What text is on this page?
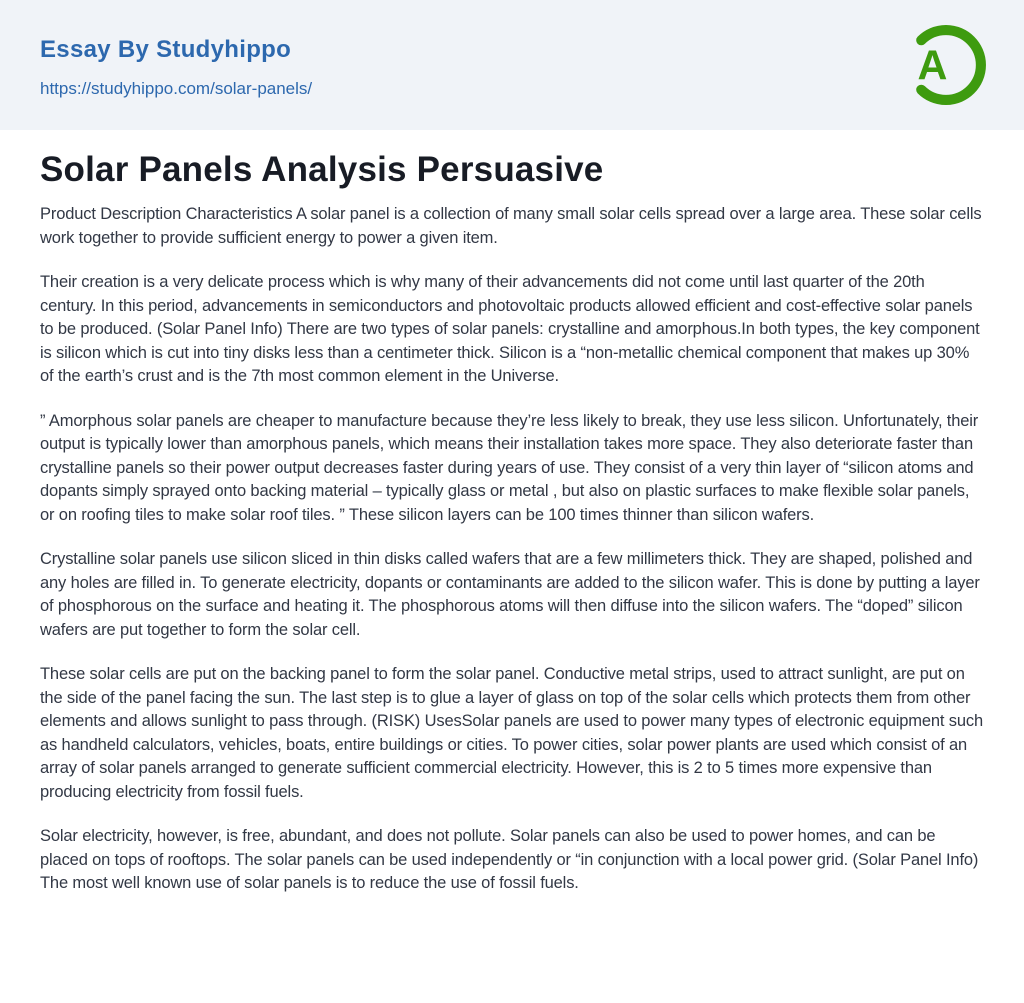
Essay By Studyhippo
https://studyhippo.com/solar-panels/	A
Solar Panels Analysis Persuasive

Product Description Characteristics A solar panel is a collection of many small solar cells spread over a large area. These solar cells work together to provide sufficient energy to power a given item.

Their creation is a very delicate process which is why many of their advancements did not come until last quarter of the 20th century. In this period, advancements in semiconductors and photovoltaic products allowed efficient and cost-effective solar panels to be produced. (Solar Panel Info) There are two types of solar panels: crystalline and amorphous.In both types, the key component is silicon which is cut into tiny disks less than a centimeter thick. Silicon is a “non-metallic chemical component that makes up 30% of the earth’s crust and is the 7th most common element in the Universe.

” Amorphous solar panels are cheaper to manufacture because they’re less likely to break, they use less silicon. Unfortunately, their output is typically lower than amorphous panels, which means their installation takes more space. They also deteriorate faster than crystalline panels so their power output decreases faster during years of use. They consist of a very thin layer of “silicon atoms and dopants simply sprayed onto backing material – typically glass or metal , but also on plastic surfaces to make flexible solar panels, or on roofing tiles to make solar roof tiles. ” These silicon layers can be 100 times thinner than silicon wafers.

Crystalline solar panels use silicon sliced in thin disks called wafers that are a few millimeters thick. They are shaped, polished and any holes are filled in. To generate electricity, dopants or contaminants are added to the silicon wafer. This is done by putting a layer of phosphorous on the surface and heating it. The phosphorous atoms will then diffuse into the silicon wafers. The “doped” silicon wafers are put together to form the solar cell.

These solar cells are put on the backing panel to form the solar panel. Conductive metal strips, used to attract sunlight, are put on the side of the panel facing the sun. The last step is to glue a layer of glass on top of the solar cells which protects them from other elements and allows sunlight to pass through. (RISK) UsesSolar panels are used to power many types of electronic equipment such as handheld calculators, vehicles, boats, entire buildings or cities. To power cities, solar power plants are used which consist of an array of solar panels arranged to generate sufficient commercial electricity. However, this is 2 to 5 times more expensive than producing electricity from fossil fuels.

Solar electricity, however, is free, abundant, and does not pollute. Solar panels can also be used to power homes, and can be placed on tops of rooftops. The solar panels can be used independently or “in conjunction with a local power grid. (Solar Panel Info) The most well known use of solar panels is to reduce the use of fossil fuels.
